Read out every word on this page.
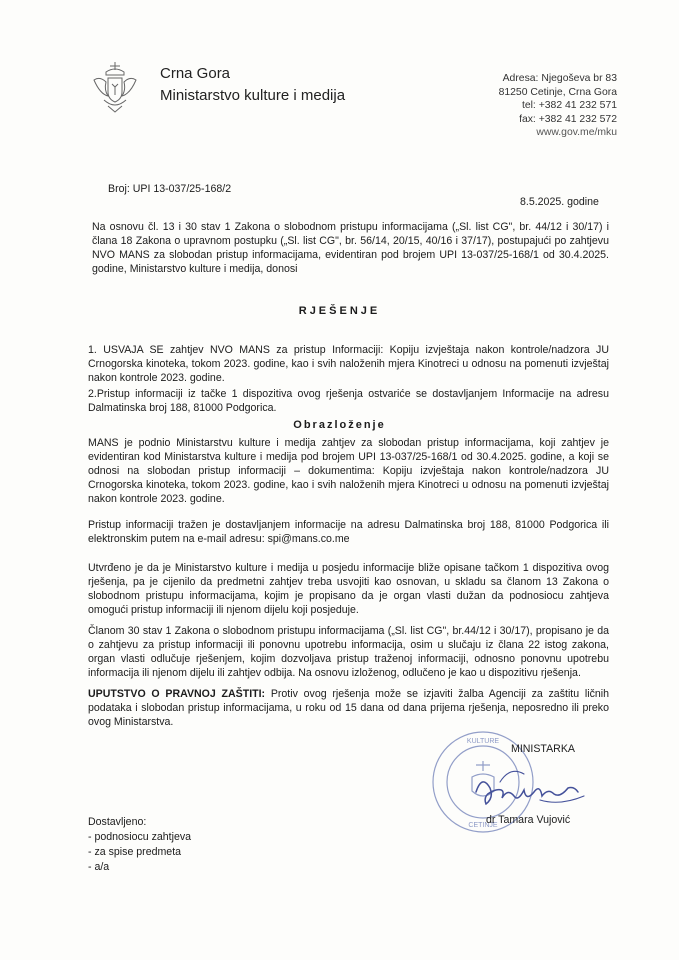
Crna Gora
Ministarstvo kulture i medija
Adresa: Njegoševa br 83
81250 Cetinje, Crna Gora
tel: +382 41 232 571
fax: +382 41 232 572
www.gov.me/mku
Broj: UPI 13-037/25-168/2
8.5.2025. godine
Na osnovu čl. 13 i 30 stav 1 Zakona o slobodnom pristupu informacijama („Sl. list CG", br. 44/12 i 30/17) i člana 18 Zakona o upravnom postupku („Sl. list CG", br. 56/14, 20/15, 40/16 i 37/17), postupajući po zahtjevu NVO MANS za slobodan pristup informacijama, evidentiran pod brojem UPI 13-037/25-168/1 od 30.4.2025. godine, Ministarstvo kulture i medija, donosi
RJEŠENJE
1. USVAJA SE zahtjev NVO MANS za pristup Informaciji: Kopiju izvještaja nakon kontrole/nadzora JU Crnogorska kinoteka, tokom 2023. godine, kao i svih naloženih mjera Kinotreci u odnosu na pomenuti izvještaj nakon kontrole 2023. godine.
2.Pristup informaciji iz tačke 1 dispozitiva ovog rješenja ostvariće se dostavljanjem Informacije na adresu Dalmatinska broj 188, 81000 Podgorica.
Obrazloženje
MANS je podnio Ministarstvu kulture i medija zahtjev za slobodan pristup informacijama, koji zahtjev je evidentiran kod Ministarstva kulture i medija pod brojem UPI 13-037/25-168/1 od 30.4.2025. godine, a koji se odnosi na slobodan pristup informaciji – dokumentima: Kopiju izvještaja nakon kontrole/nadzora JU Crnogorska kinoteka, tokom 2023. godine, kao i svih naloženih mjera Kinotreci u odnosu na pomenuti izvještaj nakon kontrole 2023. godine.
Pristup informaciji tražen je dostavljanjem informacije na adresu Dalmatinska broj 188, 81000 Podgorica ili elektronskim putem na e-mail adresu: spi@mans.co.me
Utvrđeno je da je Ministarstvo kulture i medija u posjedu informacije bliže opisane tačkom 1 dispozitiva ovog rješenja, pa je cijenilo da predmetni zahtjev treba usvojiti kao osnovan, u skladu sa članom 13 Zakona o slobodnom pristupu informacijama, kojim je propisano da je organ vlasti dužan da podnosiocu zahtjeva omogući pristup informaciji ili njenom dijelu koji posjeduje.
Članom 30 stav 1 Zakona o slobodnom pristupu informacijama („Sl. list CG", br.44/12 i 30/17), propisano je da o zahtjevu za pristup informaciji ili ponovnu upotrebu informacija, osim u slučaju iz člana 22 istog zakona, organ vlasti odlučuje rješenjem, kojim dozvoljava pristup traženoj informaciji, odnosno ponovnu upotrebu informacija ili njenom dijelu ili zahtjev odbija. Na osnovu izloženog, odlučeno je kao u dispozitivu rješenja.
UPUTSTVO O PRAVNOJ ZAŠTITI: Protiv ovog rješenja može se izjaviti žalba Agenciji za zaštitu ličnih podataka i slobodan pristup informacijama, u roku od 15 dana od dana prijema rješenja, neposredno ili preko ovog Ministarstva.
KULTURE
CETINJE
MINISTARKA
dr Tamara Vujović
Dostavljeno:
- podnosiocu zahtjeva
- za spise predmeta
- a/a
